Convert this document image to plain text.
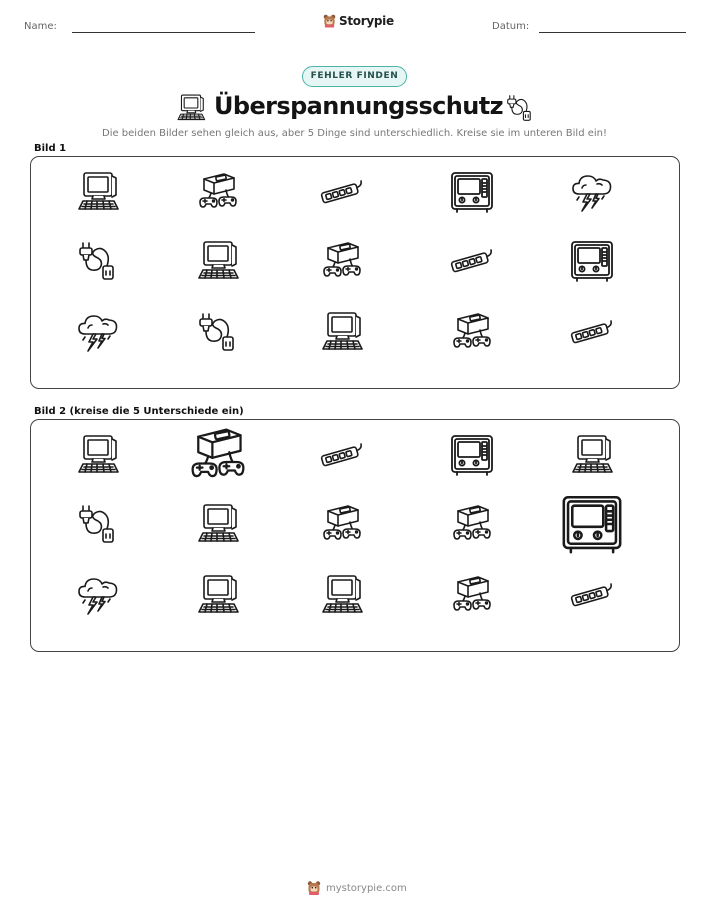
Name:	Storypie	Datum:
FEHLER FINDEN
Überspannungsschutz
Die beiden Bilder sehen gleich aus, aber 5 Dinge sind unterschiedlich. Kreise sie im unteren Bild ein!
Bild 1
Bild 2 (kreise die 5 Unterschiede ein)
mystorypie.com
